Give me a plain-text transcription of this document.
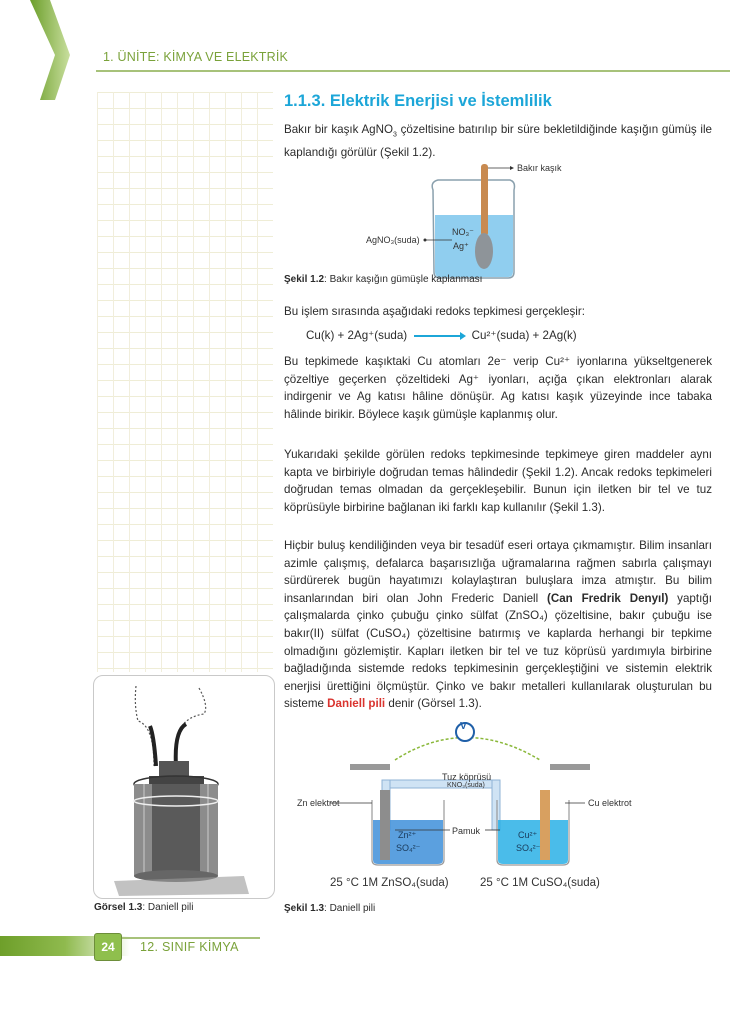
1. ÜNİTE: KİMYA VE ELEKTRİK
1.1.3. Elektrik Enerjisi ve İstemlilik
Bakır bir kaşık AgNO$_3$ çözeltisine batırılıp bir süre bekletildiğinde kaşığın gümüş ile kaplandığı görülür (Şekil 1.2).
Bakır kaşık
AgNO₃(suda)
NO₃⁻
Ag⁺
Şekil 1.2: Bakır kaşığın gümüşle kaplanması
Bu işlem sırasında aşağıdaki redoks tepkimesi gerçekleşir:
Cu(k) + 2Ag⁺(suda)	Cu²⁺(suda) + 2Ag(k)
Bu tepkimede kaşıktaki Cu atomları 2e⁻ verip Cu²⁺ iyonlarına yükseltgenerek çözeltiye geçerken çözeltideki Ag⁺ iyonları, açığa çıkan elektronları alarak indirgenir ve Ag katısı hâline dönüşür. Ag katısı kaşık yüzeyinde ince tabaka hâlinde birikir. Böylece kaşık gümüşle kaplanmış olur.
Yukarıdaki şekilde görülen redoks tepkimesinde tepkimeye giren maddeler aynı kapta ve birbiriyle doğrudan temas hâlindedir (Şekil 1.2). Ancak redoks tepkimeleri doğrudan temas olmadan da gerçekleşebilir. Bunun için iletken bir tel ve tuz köprüsüyle birbirine bağlanan iki farklı kap kullanılır (Şekil 1.3).
Hiçbir buluş kendiliğinden veya bir tesadüf eseri ortaya çıkmamıştır. Bilim insanları azimle çalışmış, defalarca başarısızlığa uğramalarına rağmen sabırla çalışmayı sürdürerek bugün hayatımızı kolaylaştıran buluşlara imza atmıştır. Bu bilim insanlarından biri olan John Frederic Daniell (Can Fredrik Denyıl) yaptığı çalışmalarda çinko çubuğu çinko sülfat (ZnSO₄) çözeltisine, bakır çubuğu ise bakır(II) sülfat (CuSO₄) çözeltisine batırmış ve kaplarda herhangi bir tepkime olmadığını gözlemiştir. Kapları iletken bir tel ve tuz köprüsü yardımıyla birbirine bağladığında sistemde redoks tepkimesinin gerçekleştiğini ve sistemin elektrik enerjisi ürettiğini ölçmüştür. Çinko ve bakır metalleri kullanılarak oluşturulan bu sisteme Daniell pili denir (Görsel 1.3).
Görsel 1.3: Daniell pili
V
Tuz köprüsü
KNO₃(suda)
Zn elektrot	Cu elektrot
Pamuk
Zn²⁺
SO₄²⁻
Cu²⁺
SO₄²⁻
25 °C 1M ZnSO₄(suda)	25 °C 1M CuSO₄(suda)
Şekil 1.3: Daniell pili
24	12. SINIF KİMYA
